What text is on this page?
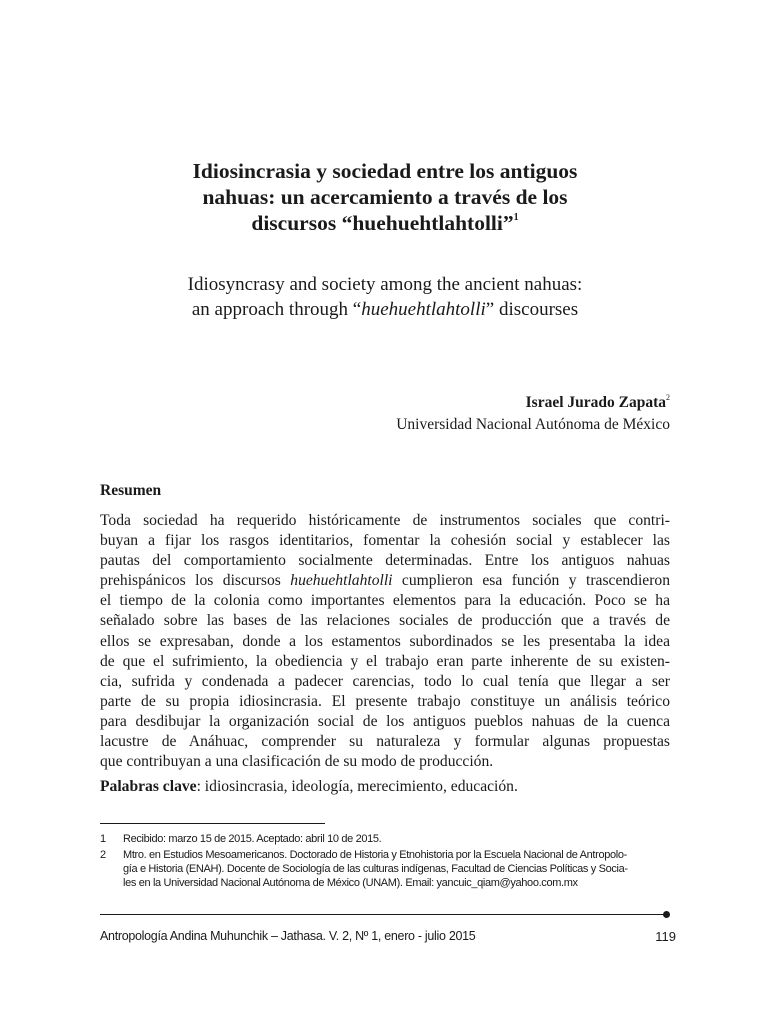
Idiosincrasia y sociedad entre los antiguos
nahuas: un acercamiento a través de los
discursos “huehuehtlahtolli”$^1$
Idiosyncrasy and society among the ancient nahuas:
an approach through “huehuehtlahtolli” discourses
Israel Jurado Zapata$^2$
Universidad Nacional Autónoma de México
Resumen
Toda sociedad ha requerido históricamente de instrumentos sociales que contri-
buyan a fijar los rasgos identitarios, fomentar la cohesión social y establecer las
pautas del comportamiento socialmente determinadas. Entre los antiguos nahuas
prehispánicos los discursos huehuehtlahtolli cumplieron esa función y trascendieron
el tiempo de la colonia como importantes elementos para la educación. Poco se ha
señalado sobre las bases de las relaciones sociales de producción que a través de
ellos se expresaban, donde a los estamentos subordinados se les presentaba la idea
de que el sufrimiento, la obediencia y el trabajo eran parte inherente de su existen-
cia, sufrida y condenada a padecer carencias, todo lo cual tenía que llegar a ser
parte de su propia idiosincrasia. El presente trabajo constituye un análisis teórico
para desdibujar la organización social de los antiguos pueblos nahuas de la cuenca
lacustre de Anáhuac, comprender su naturaleza y formular algunas propuestas
que contribuyan a una clasificación de su modo de producción.
Palabras clave: idiosincrasia, ideología, merecimiento, educación.
1	Recibido: marzo 15 de 2015. Aceptado: abril 10 de 2015.
2	Mtro. en Estudios Mesoamericanos. Doctorado de Historia y Etnohistoria por la Escuela Nacional de Antropolo-
gía e Historia (ENAH). Docente de Sociología de las culturas indígenas, Facultad de Ciencias Políticas y Socia-
les en la Universidad Nacional Autónoma de México (UNAM). Email: yancuic_qiam@yahoo.com.mx
Antropología Andina Muhunchik – Jathasa. V. 2, Nº 1, enero - julio 2015	119
